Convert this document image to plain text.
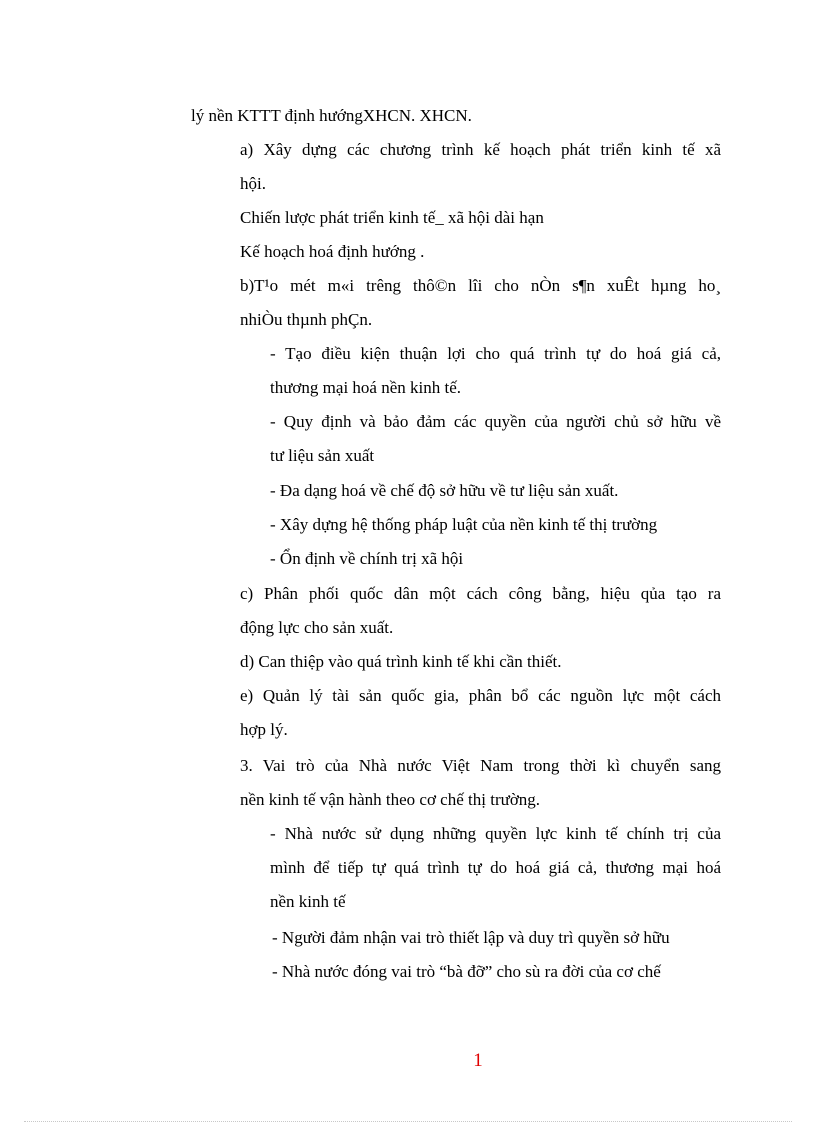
lý nền KTTT định hướngXHCN. XHCN.
a) Xây dựng các chương trình kế hoạch phát triển kinh tế xã
hội.
Chiến lược phát triển kinh tế_ xã hội dài hạn
Kế hoạch hoá định hướng .
b)T¹o mét m«i trêng thô©n lîi cho nÒn s¶n xuÊt hµng ho¸
nhiÒu thµnh phÇn.
- Tạo điều kiện thuận lợi cho quá trình tự do hoá giá cả,
thương mại hoá nền kinh tế.
- Quy định và bảo đảm các quyền của người chủ sở hữu về
tư liệu sản xuất
- Đa dạng hoá về chế độ sở hữu về tư liệu sản xuất.
- Xây dựng hệ thống pháp luật của nền kinh tế thị trường
- Ổn định về chính trị xã hội
c) Phân phối quốc dân một cách công bằng, hiệu qủa tạo ra
động lực cho sản xuất.
d) Can thiệp vào quá trình kinh tế khi cần thiết.
e) Quản lý tài sản quốc gia, phân bổ các nguồn lực một cách
hợp lý.
3. Vai trò của Nhà nước Việt Nam trong thời kì chuyển sang
nền kinh tế vận hành theo cơ chế thị trường.
- Nhà nước sử dụng những quyền lực kinh tế chính trị của
mình để tiếp tự quá trình tự do hoá giá cả, thương mại hoá
nền kinh tế
- Người đảm nhận vai trò thiết lập và duy trì quyền sở hữu
- Nhà nước đóng vai trò “bà đỡ” cho sù ra đời của cơ chế
1
